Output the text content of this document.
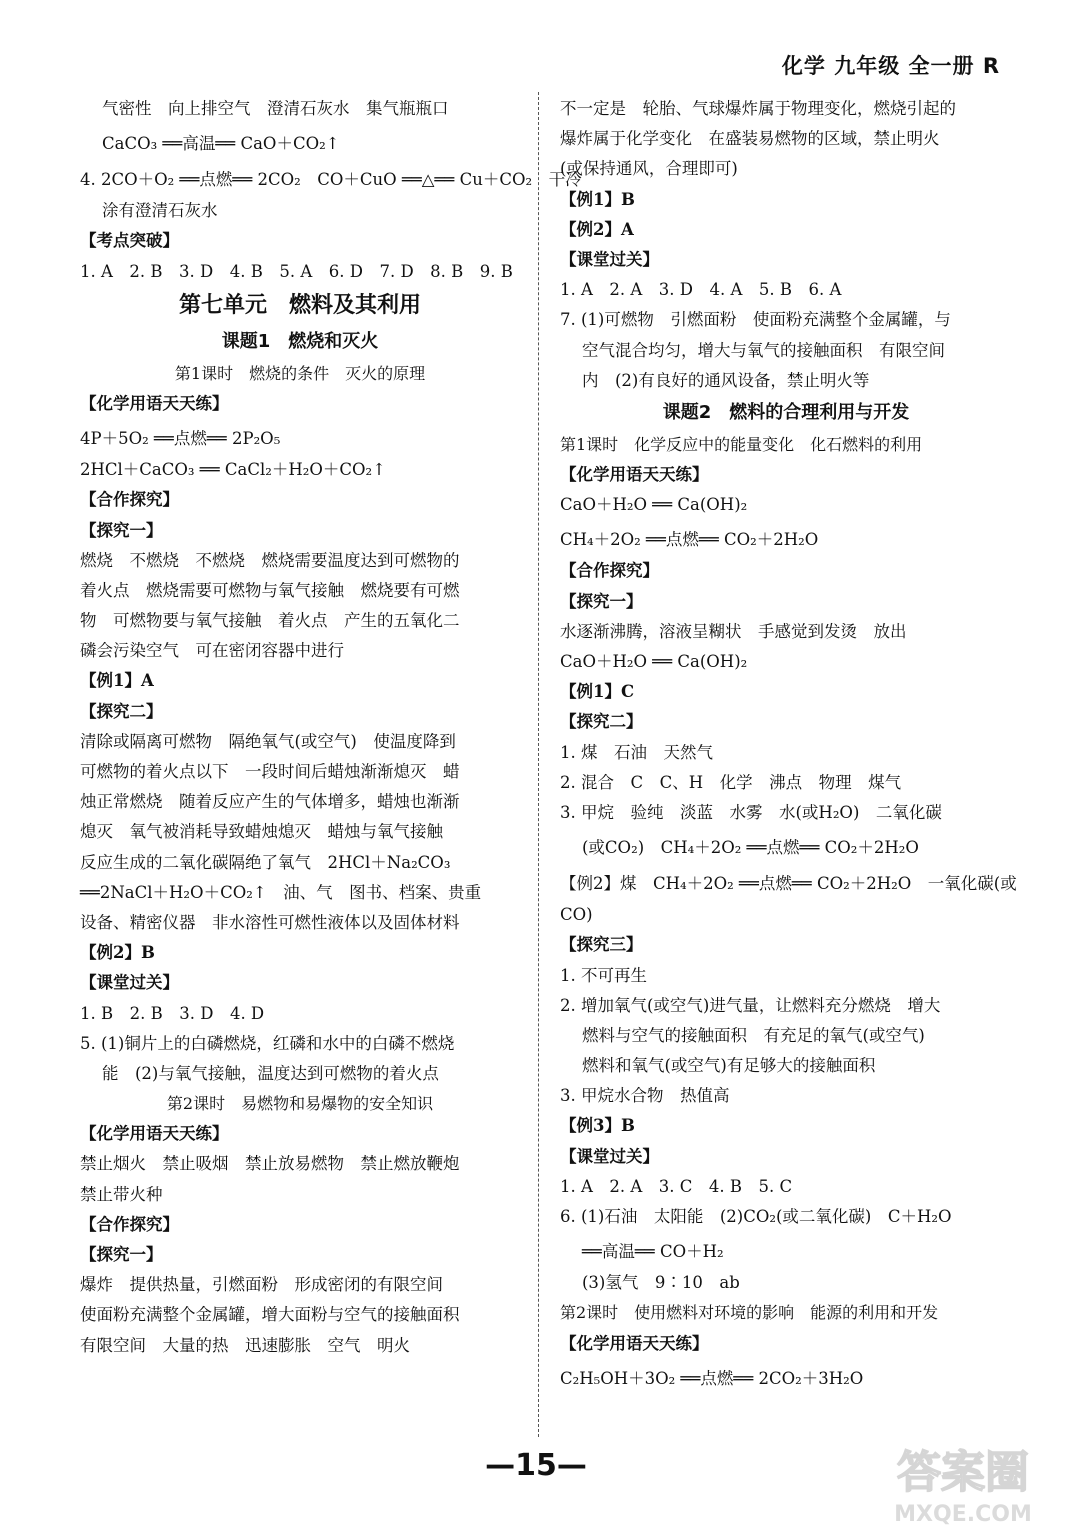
化学 九年级 全一册 R
气密性　向上排空气　澄清石灰水　集气瓶瓶口
CaCO₃ ══高温══ CaO＋CO₂↑
4. 2CO＋O₂ ══点燃══ 2CO₂　CO＋CuO ══△══ Cu＋CO₂　干冷
涂有澄清石灰水
【考点突破】
1. A　2. B　3. D　4. B　5. A　6. D　7. D　8. B　9. B
第七单元　燃料及其利用
课题1　燃烧和灭火
第1课时　燃烧的条件　灭火的原理
【化学用语天天练】
4P＋5O₂ ══点燃══ 2P₂O₅
2HCl＋CaCO₃ ══ CaCl₂＋H₂O＋CO₂↑
【合作探究】
【探究一】
燃烧　不燃烧　不燃烧　燃烧需要温度达到可燃物的
着火点　燃烧需要可燃物与氧气接触　燃烧要有可燃
物　可燃物要与氧气接触　着火点　产生的五氧化二
磷会污染空气　可在密闭容器中进行
【例1】A
【探究二】
清除或隔离可燃物　隔绝氧气(或空气)　使温度降到
可燃物的着火点以下　一段时间后蜡烛渐渐熄灭　蜡
烛正常燃烧　随着反应产生的气体增多，蜡烛也渐渐
熄灭　氧气被消耗导致蜡烛熄灭　蜡烛与氧气接触
反应生成的二氧化碳隔绝了氧气　2HCl＋Na₂CO₃
══2NaCl＋H₂O＋CO₂↑　油、气　图书、档案、贵重
设备、精密仪器　非水溶性可燃性液体以及固体材料
【例2】B
【课堂过关】
1. B　2. B　3. D　4. D
5. (1)铜片上的白磷燃烧，红磷和水中的白磷不燃烧
能　(2)与氧气接触，温度达到可燃物的着火点
第2课时　易燃物和易爆物的安全知识
【化学用语天天练】
禁止烟火　禁止吸烟　禁止放易燃物　禁止燃放鞭炮
禁止带火种
【合作探究】
【探究一】
爆炸　提供热量，引燃面粉　形成密闭的有限空间
使面粉充满整个金属罐，增大面粉与空气的接触面积
有限空间　大量的热　迅速膨胀　空气　明火
不一定是　轮胎、气球爆炸属于物理变化，燃烧引起的
爆炸属于化学变化　在盛装易燃物的区域，禁止明火
(或保持通风，合理即可)
【例1】B
【例2】A
【课堂过关】
1. A　2. A　3. D　4. A　5. B　6. A
7. (1)可燃物　引燃面粉　使面粉充满整个金属罐，与
空气混合均匀，增大与氧气的接触面积　有限空间
内　(2)有良好的通风设备，禁止明火等
课题2　燃料的合理利用与开发
第1课时　化学反应中的能量变化　化石燃料的利用
【化学用语天天练】
CaO＋H₂O ══ Ca(OH)₂
CH₄＋2O₂ ══点燃══ CO₂＋2H₂O
【合作探究】
【探究一】
水逐渐沸腾，溶液呈糊状　手感觉到发烫　放出
CaO＋H₂O ══ Ca(OH)₂
【例1】C
【探究二】
1. 煤　石油　天然气
2. 混合　C　C、H　化学　沸点　物理　煤气
3. 甲烷　验纯　淡蓝　水雾　水(或H₂O)　二氧化碳
(或CO₂)　CH₄＋2O₂ ══点燃══ CO₂＋2H₂O
【例2】煤　CH₄＋2O₂ ══点燃══ CO₂＋2H₂O　一氧化碳(或
CO)
【探究三】
1. 不可再生
2. 增加氧气(或空气)进气量，让燃料充分燃烧　增大
燃料与空气的接触面积　有充足的氧气(或空气)
燃料和氧气(或空气)有足够大的接触面积
3. 甲烷水合物　热值高
【例3】B
【课堂过关】
1. A　2. A　3. C　4. B　5. C
6. (1)石油　太阳能　(2)CO₂(或二氧化碳)　C＋H₂O
══高温══ CO＋H₂
(3)氢气　9∶10　ab
第2课时　使用燃料对环境的影响　能源的利用和开发
【化学用语天天练】
C₂H₅OH＋3O₂ ══点燃══ 2CO₂＋3H₂O
—15—	答案圈
MXQE.COM
